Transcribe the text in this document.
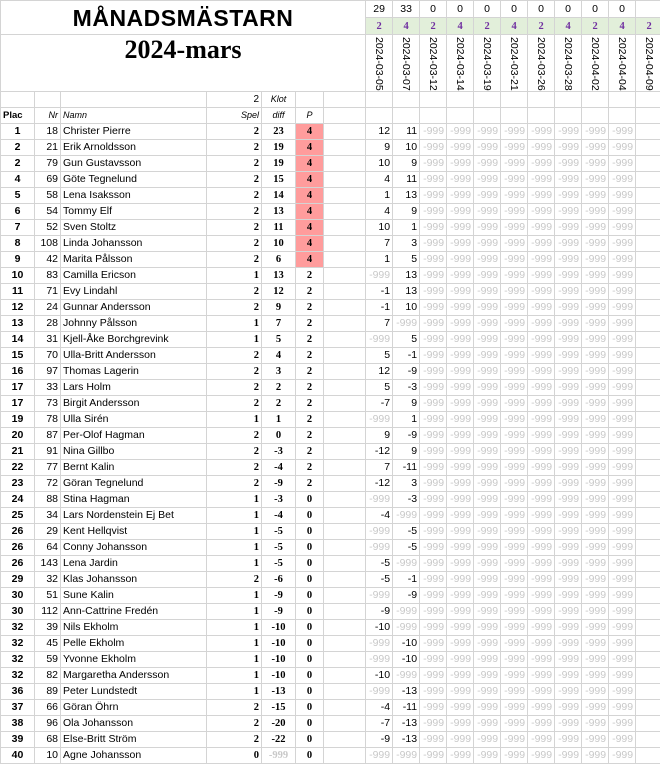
MÅNADSMÄSTARN							29	33	0	0	0	0	0	0	0	0	
							2	4	2	4	2	4	2	4	2	4	2

2024-mars							2024-03-05	2024-03-07	2024-03-12	2024-03-14	2024-03-19	2024-03-21	2024-03-26	2024-03-28	2024-04-02	2024-04-04	2024-04-09

			2	Klot													
Plac	Nr	Namn	Spel	diff	P												
1	18	Christer Pierre	2	23	4		12	11	-999	-999	-999	-999	-999	-999	-999	-999	
2	21	Erik Arnoldsson	2	19	4		9	10	-999	-999	-999	-999	-999	-999	-999	-999	
2	79	Gun Gustavsson	2	19	4		10	9	-999	-999	-999	-999	-999	-999	-999	-999	
4	69	Göte Tegnelund	2	15	4		4	11	-999	-999	-999	-999	-999	-999	-999	-999	
5	58	Lena Isaksson	2	14	4		1	13	-999	-999	-999	-999	-999	-999	-999	-999	
6	54	Tommy Elf	2	13	4		4	9	-999	-999	-999	-999	-999	-999	-999	-999	
7	52	Sven Stoltz	2	11	4		10	1	-999	-999	-999	-999	-999	-999	-999	-999	
8	108	Linda Johansson	2	10	4		7	3	-999	-999	-999	-999	-999	-999	-999	-999	
9	42	Marita Pålsson	2	6	4		1	5	-999	-999	-999	-999	-999	-999	-999	-999	
10	83	Camilla Ericson	1	13	2		-999	13	-999	-999	-999	-999	-999	-999	-999	-999	
11	71	Evy Lindahl	2	12	2		-1	13	-999	-999	-999	-999	-999	-999	-999	-999	
12	24	Gunnar Andersson	2	9	2		-1	10	-999	-999	-999	-999	-999	-999	-999	-999	
13	28	Johnny Pålsson	1	7	2		7	-999	-999	-999	-999	-999	-999	-999	-999	-999	
14	31	Kjell-Åke Borchgrevink	1	5	2		-999	5	-999	-999	-999	-999	-999	-999	-999	-999	
15	70	Ulla-Britt Andersson	2	4	2		5	-1	-999	-999	-999	-999	-999	-999	-999	-999	
16	97	Thomas Lagerin	2	3	2		12	-9	-999	-999	-999	-999	-999	-999	-999	-999	
17	33	Lars Holm	2	2	2		5	-3	-999	-999	-999	-999	-999	-999	-999	-999	
17	73	Birgit Andersson	2	2	2		-7	9	-999	-999	-999	-999	-999	-999	-999	-999	
19	78	Ulla Sirén	1	1	2		-999	1	-999	-999	-999	-999	-999	-999	-999	-999	
20	87	Per-Olof Hagman	2	0	2		9	-9	-999	-999	-999	-999	-999	-999	-999	-999	
21	91	Nina Gillbo	2	-3	2		-12	9	-999	-999	-999	-999	-999	-999	-999	-999	
22	77	Bernt Kalin	2	-4	2		7	-11	-999	-999	-999	-999	-999	-999	-999	-999	
23	72	Göran Tegnelund	2	-9	2		-12	3	-999	-999	-999	-999	-999	-999	-999	-999	
24	88	Stina Hagman	1	-3	0		-999	-3	-999	-999	-999	-999	-999	-999	-999	-999	
25	34	Lars Nordenstein Ej Bet	1	-4	0		-4	-999	-999	-999	-999	-999	-999	-999	-999	-999	
26	29	Kent Hellqvist	1	-5	0		-999	-5	-999	-999	-999	-999	-999	-999	-999	-999	
26	64	Conny Johansson	1	-5	0		-999	-5	-999	-999	-999	-999	-999	-999	-999	-999	
26	143	Lena Jardin	1	-5	0		-5	-999	-999	-999	-999	-999	-999	-999	-999	-999	
29	32	Klas Johansson	2	-6	0		-5	-1	-999	-999	-999	-999	-999	-999	-999	-999	
30	51	Sune Kalin	1	-9	0		-999	-9	-999	-999	-999	-999	-999	-999	-999	-999	
30	112	Ann-Cattrine Fredén	1	-9	0		-9	-999	-999	-999	-999	-999	-999	-999	-999	-999	
32	39	Nils Ekholm	1	-10	0		-10	-999	-999	-999	-999	-999	-999	-999	-999	-999	
32	45	Pelle Ekholm	1	-10	0		-999	-10	-999	-999	-999	-999	-999	-999	-999	-999	
32	59	Yvonne Ekholm	1	-10	0		-999	-10	-999	-999	-999	-999	-999	-999	-999	-999	
32	82	Margaretha Andersson	1	-10	0		-10	-999	-999	-999	-999	-999	-999	-999	-999	-999	
36	89	Peter Lundstedt	1	-13	0		-999	-13	-999	-999	-999	-999	-999	-999	-999	-999	
37	66	Göran Öhrn	2	-15	0		-4	-11	-999	-999	-999	-999	-999	-999	-999	-999	
38	96	Ola Johansson	2	-20	0		-7	-13	-999	-999	-999	-999	-999	-999	-999	-999	
39	68	Else-Britt Ström	2	-22	0		-9	-13	-999	-999	-999	-999	-999	-999	-999	-999	
40	10	Agne Johansson	0	-999	0		-999	-999	-999	-999	-999	-999	-999	-999	-999	-999	
